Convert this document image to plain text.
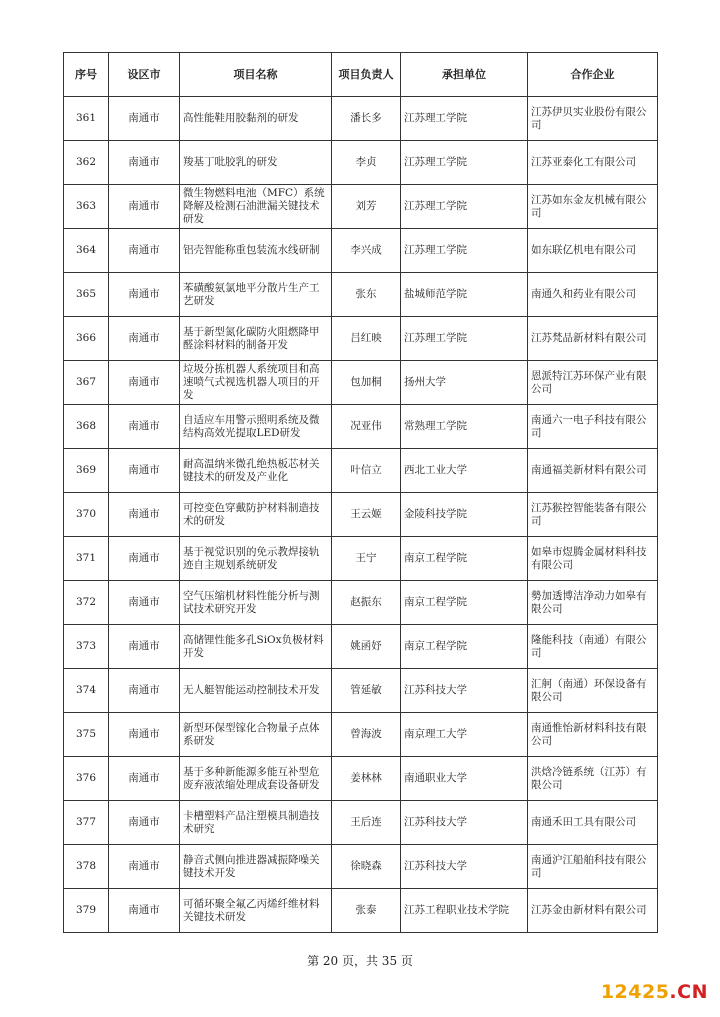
序号	设区市	项目名称	项目负责人	承担单位	合作企业
361	南通市	高性能鞋用胶黏剂的研发	潘长多	江苏理工学院	江苏伊贝实业股份有限公司
362	南通市	羧基丁吡胶乳的研发	李贞	江苏理工学院	江苏亚泰化工有限公司
363	南通市	微生物燃料电池（MFC）系统降解及检测石油泄漏关键技术研发	刘芳	江苏理工学院	江苏如东金友机械有限公司
364	南通市	铝壳智能称重包装流水线研制	李兴成	江苏理工学院	如东联亿机电有限公司
365	南通市	苯磺酸氨氯地平分散片生产工艺研发	张东	盐城师范学院	南通久和药业有限公司
366	南通市	基于新型氮化碳防火阻燃降甲醛涂料材料的制备开发	吕红映	江苏理工学院	江苏梵品新材料有限公司
367	南通市	垃圾分拣机器人系统项目和高速喷气式视选机器人项目的开发	包加桐	扬州大学	恩派特江苏环保产业有限公司
368	南通市	自适应车用警示照明系统及微结构高效光提取LED研发	况亚伟	常熟理工学院	南通六一电子科技有限公司
369	南通市	耐高温纳米微孔绝热板芯材关键技术的研发及产业化	叶信立	西北工业大学	南通福美新材料有限公司
370	南通市	可控变色穿戴防护材料制造技术的研发	王云姬	金陵科技学院	江苏猴控智能装备有限公司
371	南通市	基于视觉识别的免示教焊接轨迹自主规划系统研发	王宁	南京工程学院	如皋市煜腾金属材料科技有限公司
372	南通市	空气压缩机材料性能分析与测试技术研究开发	赵振东	南京工程学院	勢加透博洁净动力如皋有限公司
373	南通市	高储锂性能多孔SiOx负极材料开发	姚函妤	南京工程学院	隆能科技（南通）有限公司
374	南通市	无人艇智能运动控制技术开发	管延敏	江苏科技大学	汇舸（南通）环保设备有限公司
375	南通市	新型环保型镓化合物量子点体系研发	曾海波	南京理工大学	南通惟怡新材料科技有限公司
376	南通市	基于多种新能源多能互补型危废弃液浓缩处理成套设备研发	姜林林	南通职业大学	洪焓冷链系统（江苏）有限公司
377	南通市	卡槽塑料产品注塑模具制造技术研究	王后连	江苏科技大学	南通禾田工具有限公司
378	南通市	静音式侧向推进器减振降噪关键技术开发	徐晓森	江苏科技大学	南通沪江船舶科技有限公司
379	南通市	可循环聚全氟乙丙烯纤维材料关键技术研发	张泰	江苏工程职业技术学院	江苏金由新材料有限公司
第 20 页，共 35 页
12425.CN
